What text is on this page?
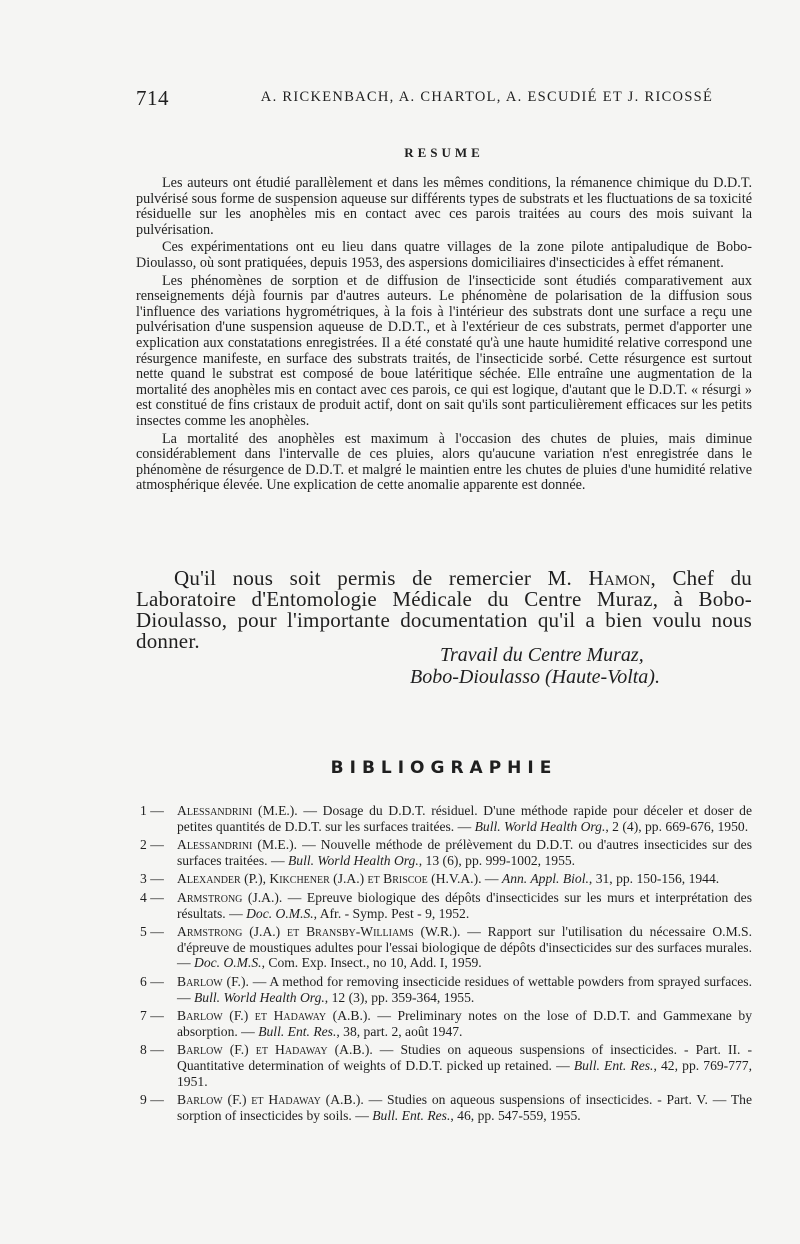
714	A. RICKENBACH, A. CHARTOL, A. ESCUDIÉ ET J. RICOSSÉ
RESUME

Les auteurs ont étudié parallèlement et dans les mêmes conditions, la rémanence chimique du D.D.T. pulvérisé sous forme de suspension aqueuse sur différents types de substrats et les fluctuations de sa toxicité résiduelle sur les anophèles mis en contact avec ces parois traitées au cours des mois suivant la pulvérisation.

Ces expérimentations ont eu lieu dans quatre villages de la zone pilote antipaludique de Bobo-Dioulasso, où sont pratiquées, depuis 1953, des aspersions domiciliaires d'insecticides à effet rémanent.

Les phénomènes de sorption et de diffusion de l'insecticide sont étudiés comparativement aux renseignements déjà fournis par d'autres auteurs. Le phénomène de polarisation de la diffusion sous l'influence des variations hygrométriques, à la fois à l'intérieur des substrats dont une surface a reçu une pulvérisation d'une suspension aqueuse de D.D.T., et à l'extérieur de ces substrats, permet d'apporter une explication aux constatations enregistrées. Il a été constaté qu'à une haute humidité relative correspond une résurgence manifeste, en surface des substrats traités, de l'insecticide sorbé. Cette résurgence est surtout nette quand le substrat est composé de boue latéritique séchée. Elle entraîne une augmentation de la mortalité des anophèles mis en contact avec ces parois, ce qui est logique, d'autant que le D.D.T. « résurgi » est constitué de fins cristaux de produit actif, dont on sait qu'ils sont particulièrement efficaces sur les petits insectes comme les anophèles.

La mortalité des anophèles est maximum à l'occasion des chutes de pluies, mais diminue considérablement dans l'intervalle de ces pluies, alors qu'aucune variation n'est enregistrée dans le phénomène de résurgence de D.D.T. et malgré le maintien entre les chutes de pluies d'une humidité relative atmosphérique élevée. Une explication de cette anomalie apparente est donnée.

Qu'il nous soit permis de remercier M. Hamon, Chef du Laboratoire d'Entomologie Médicale du Centre Muraz, à Bobo-Dioulasso, pour l'importante documentation qu'il a bien voulu nous donner.
Travail du Centre Muraz,
Bobo-Dioulasso (Haute-Volta).
BIBLIOGRAPHIE
1 — Alessandrini (M.E.). — Dosage du D.D.T. résiduel. D'une méthode rapide pour déceler et doser de petites quantités de D.D.T. sur les surfaces traitées. — Bull. World Health Org., 2 (4), pp. 669-676, 1950.
2 — Alessandrini (M.E.). — Nouvelle méthode de prélèvement du D.D.T. ou d'autres insecticides sur des surfaces traitées. — Bull. World Health Org., 13 (6), pp. 999-1002, 1955.
3 — Alexander (P.), Kikchener (J.A.) et Briscoe (H.V.A.). — Ann. Appl. Biol., 31, pp. 150-156, 1944.
4 — Armstrong (J.A.). — Epreuve biologique des dépôts d'insecticides sur les murs et interprétation des résultats. — Doc. O.M.S., Afr. - Symp. Pest - 9, 1952.
5 — Armstrong (J.A.) et Bransby-Williams (W.R.). — Rapport sur l'utilisation du nécessaire O.M.S. d'épreuve de moustiques adultes pour l'essai biologique de dépôts d'insecticides sur des surfaces murales. — Doc. O.M.S., Com. Exp. Insect., no 10, Add. I, 1959.
6 — Barlow (F.). — A method for removing insecticide residues of wettable powders from sprayed surfaces. — Bull. World Health Org., 12 (3), pp. 359-364, 1955.
7 — Barlow (F.) et Hadaway (A.B.). — Preliminary notes on the lose of D.D.T. and Gammexane by absorption. — Bull. Ent. Res., 38, part. 2, août 1947.
8 — Barlow (F.) et Hadaway (A.B.). — Studies on aqueous suspensions of insecticides. - Part. II. - Quantitative determination of weights of D.D.T. picked up retained. — Bull. Ent. Res., 42, pp. 769-777, 1951.
9 — Barlow (F.) et Hadaway (A.B.). — Studies on aqueous suspensions of insecticides. - Part. V. — The sorption of insecticides by soils. — Bull. Ent. Res., 46, pp. 547-559, 1955.
